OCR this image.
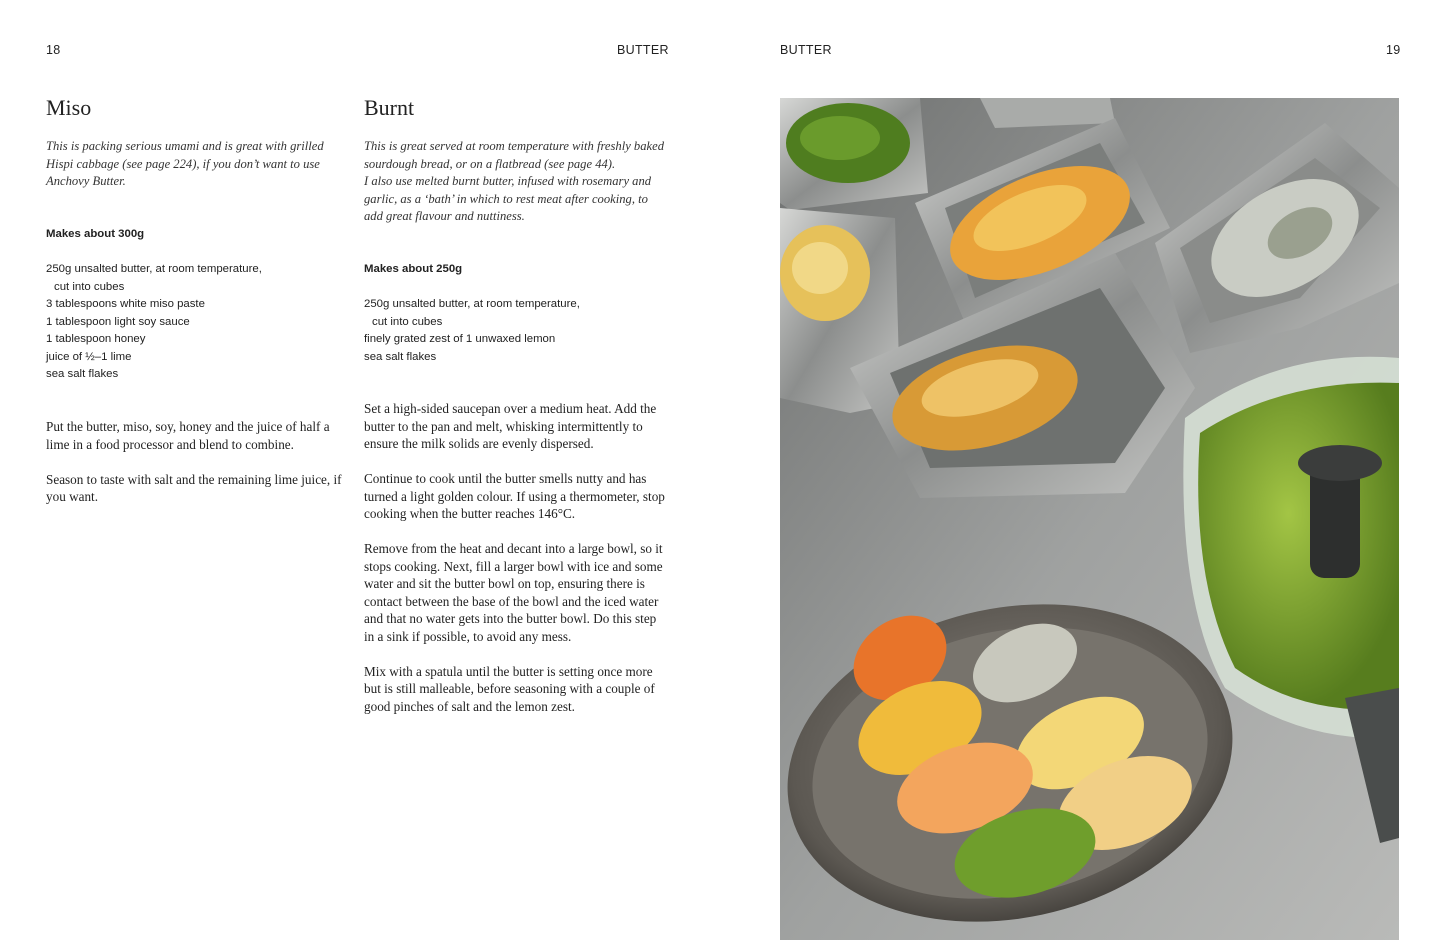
18	BUTTER	BUTTER	19
Miso

This is packing serious umami and is great with grilled Hispi cabbage (see page 224), if you don’t want to use Anchovy Butter.

Makes about 300g

250g unsalted butter, at room temperature,
cut into cubes
3 tablespoons white miso paste
1 tablespoon light soy sauce
1 tablespoon honey
juice of ½–1 lime
sea salt flakes

Put the butter, miso, soy, honey and the juice of half a lime in a food processor and blend to combine.

Season to taste with salt and the remaining lime juice, if you want.

Burnt

This is great served at room temperature with freshly baked sourdough bread, or on a flatbread (see page 44).
I also use melted burnt butter, infused with rosemary and garlic, as a ‘bath’ in which to rest meat after cooking, to add great flavour and nuttiness.

Makes about 250g

250g unsalted butter, at room temperature,
cut into cubes
finely grated zest of 1 unwaxed lemon
sea salt flakes

Set a high-sided saucepan over a medium heat. Add the butter to the pan and melt, whisking intermittently to ensure the milk solids are evenly dispersed.

Continue to cook until the butter smells nutty and has turned a light golden colour. If using a thermometer, stop cooking when the butter reaches 146°C.

Remove from the heat and decant into a large bowl, so it stops cooking. Next, fill a larger bowl with ice and some water and sit the butter bowl on top, ensuring there is contact between the base of the bowl and the iced water and that no water gets into the butter bowl. Do this step in a sink if possible, to avoid any mess.

Mix with a spatula until the butter is setting once more but is still malleable, before seasoning with a couple of good pinches of salt and the lemon zest.
